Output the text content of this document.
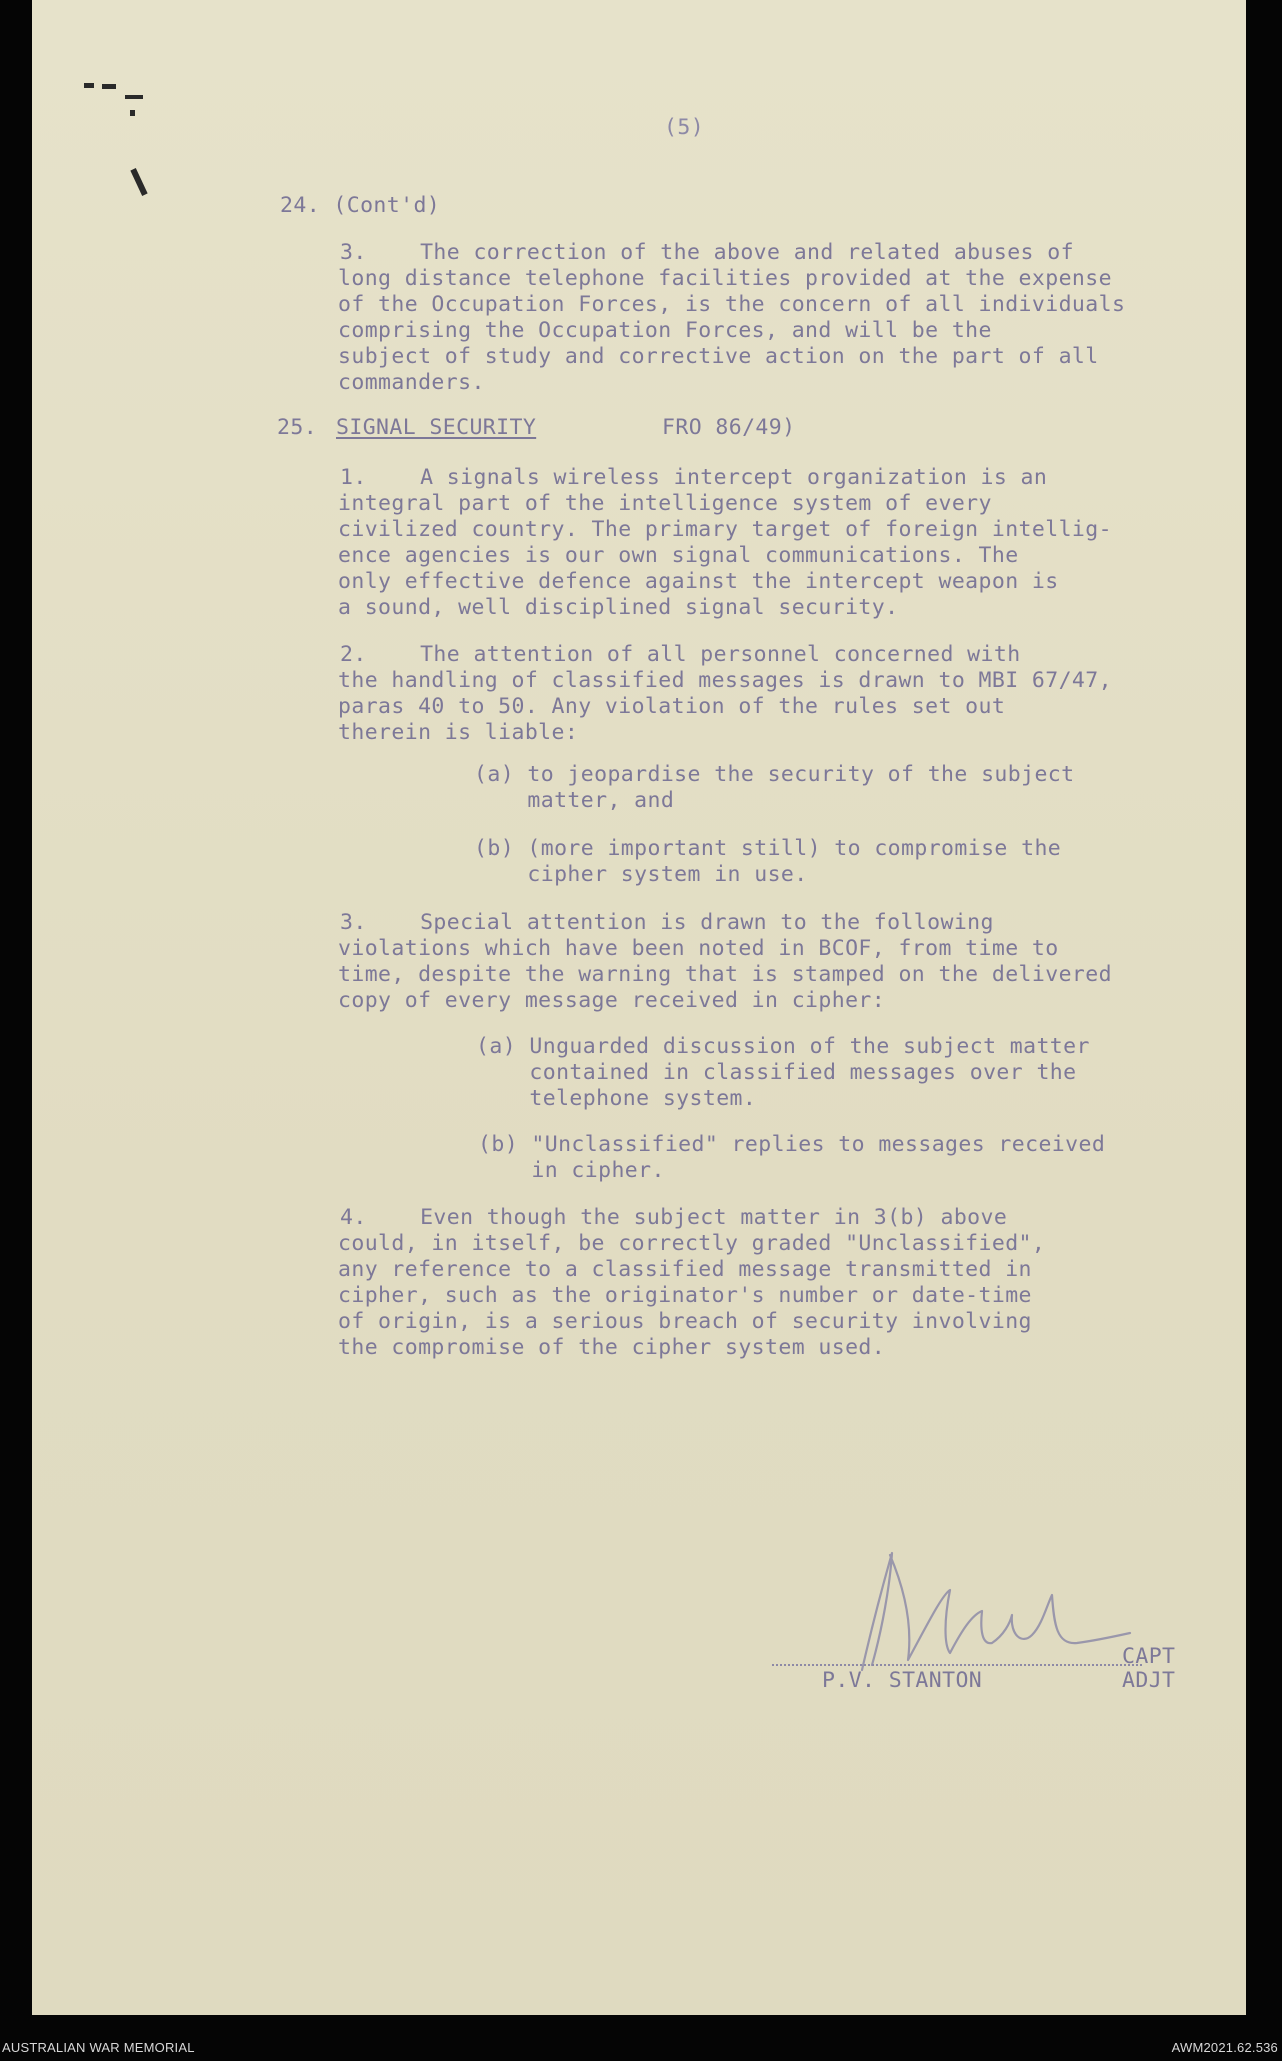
(5)
24. (Cont'd)
3.    The correction of the above and related abuses of
long distance telephone facilities provided at the expense
of the Occupation Forces, is the concern of all individuals
comprising the Occupation Forces, and will be the
subject of study and corrective action on the part of all
commanders.
25. SIGNAL SECURITY	FRO 86/49)
1.    A signals wireless intercept organization is an
integral part of the intelligence system of every
civilized country. The primary target of foreign intellig-
ence agencies is our own signal communications. The
only effective defence against the intercept weapon is
a sound, well disciplined signal security.
2.    The attention of all personnel concerned with
the handling of classified messages is drawn to MBI 67/47,
paras 40 to 50. Any violation of the rules set out
therein is liable:
(a) to jeopardise the security of the subject
matter, and
(b) (more important still) to compromise the
cipher system in use.
3.    Special attention is drawn to the following
violations which have been noted in BCOF, from time to
time, despite the warning that is stamped on the delivered
copy of every message received in cipher:
(a) Unguarded discussion of the subject matter
contained in classified messages over the
telephone system.
(b) "Unclassified" replies to messages received
in cipher.
4.    Even though the subject matter in 3(b) above
could, in itself, be correctly graded "Unclassified",
any reference to a classified message transmitted in
cipher, such as the originator's number or date-time
of origin, is a serious breach of security involving
the compromise of the cipher system used.
CAPT
P.V. STANTON	ADJT
AUSTRALIAN WAR MEMORIAL	AWM2021.62.536
